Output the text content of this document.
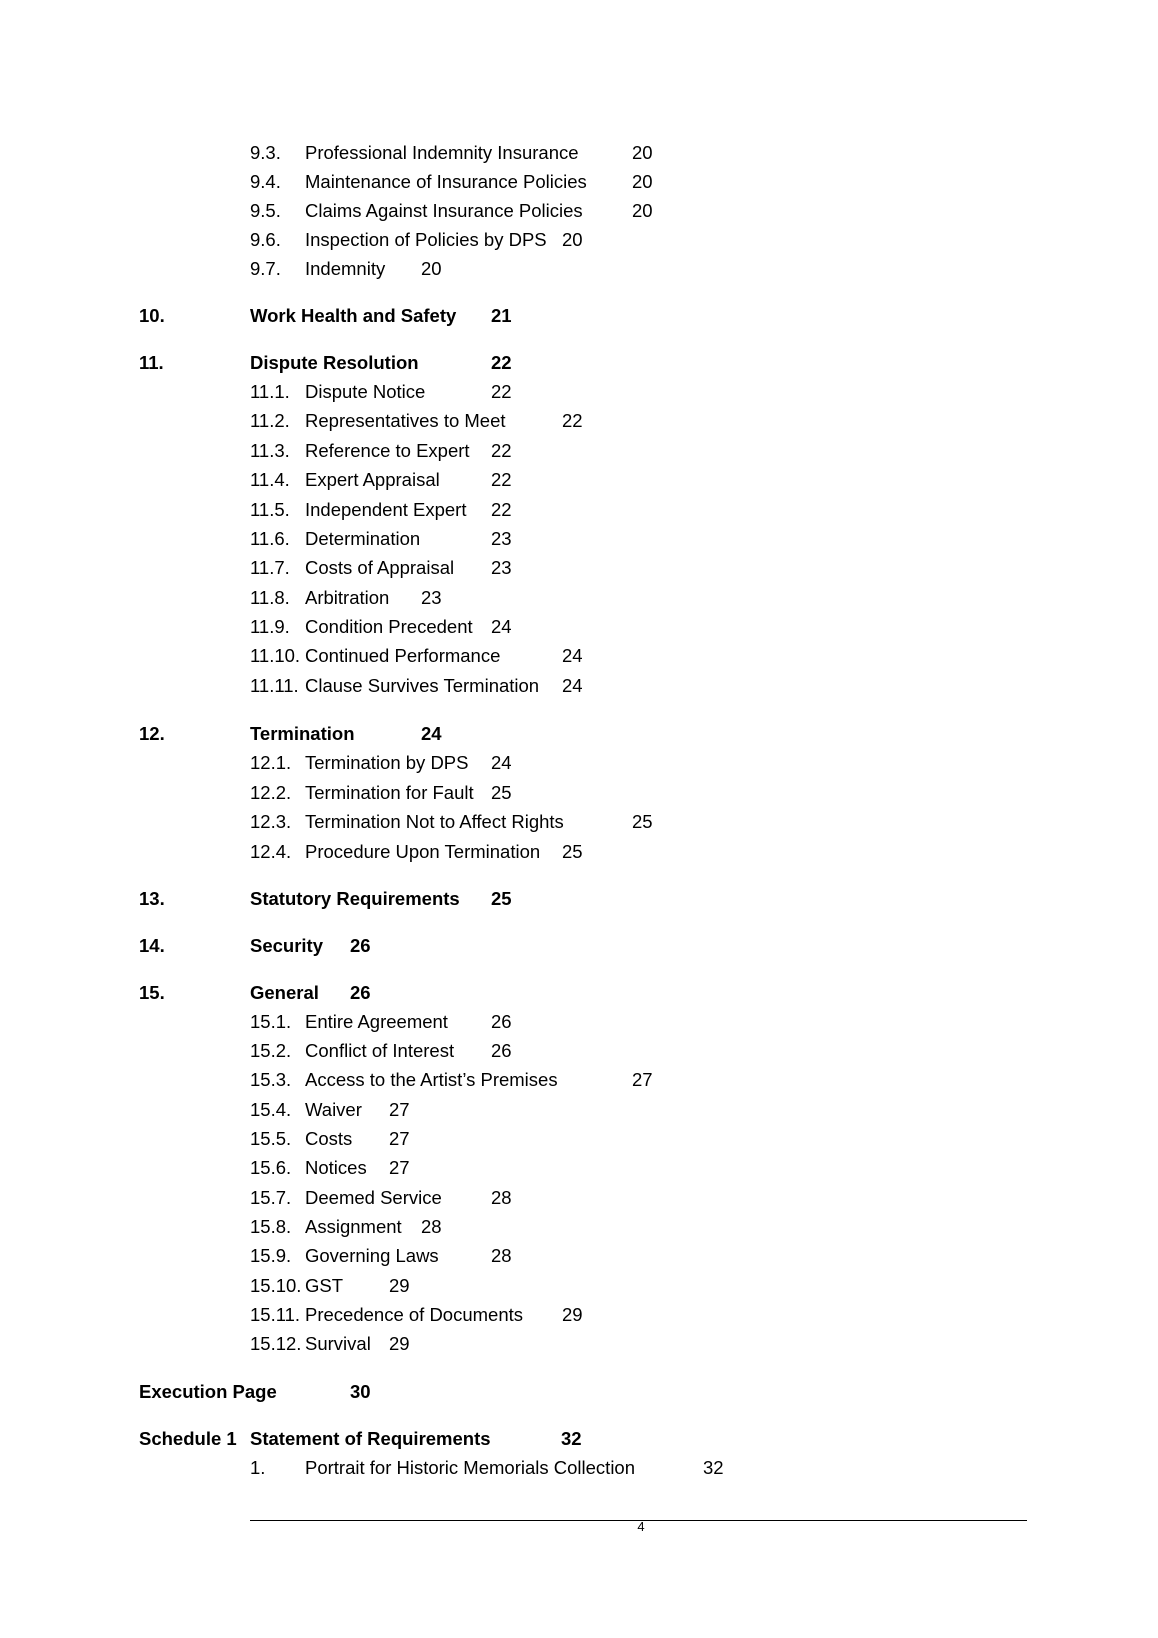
9.3. Professional Indemnity Insurance	20
9.4. Maintenance of Insurance Policies 20
9.5. Claims Against Insurance Policies	20
9.6. Inspection of Policies by DPS 20
9.7. Indemnity 20
10.	Work Health and Safety 21
11.	Dispute Resolution	22
11.1. Dispute Notice	22
11.2. Representatives to Meet	22
11.3. Reference to Expert 22
11.4. Expert Appraisal	22
11.5. Independent Expert 22
11.6. Determination	23
11.7. Costs of Appraisal 23
11.8. Arbitration 23
11.9. Condition Precedent 24
11.10. Continued Performance	24
11.11. Clause Survives Termination 24
12.	Termination	24
12.1. Termination by DPS 24
12.2. Termination for Fault 25
12.3. Termination Not to Affect Rights	25
12.4. Procedure Upon Termination 25
13.	Statutory Requirements 25
14.	Security 26
15.	General 26
15.1. Entire Agreement 26
15.2. Conflict of Interest 26
15.3. Access to the Artist’s Premises	27
15.4. Waiver 27
15.5. Costs 27
15.6. Notices 27
15.7. Deemed Service	28
15.8. Assignment 28
15.9. Governing Laws	28
15.10. GST 29
15.11. Precedence of Documents 29
15.12. Survival 29
Execution Page	30
Schedule 1 Statement of Requirements	32
1. Portrait for Historic Memorials Collection	32
4
